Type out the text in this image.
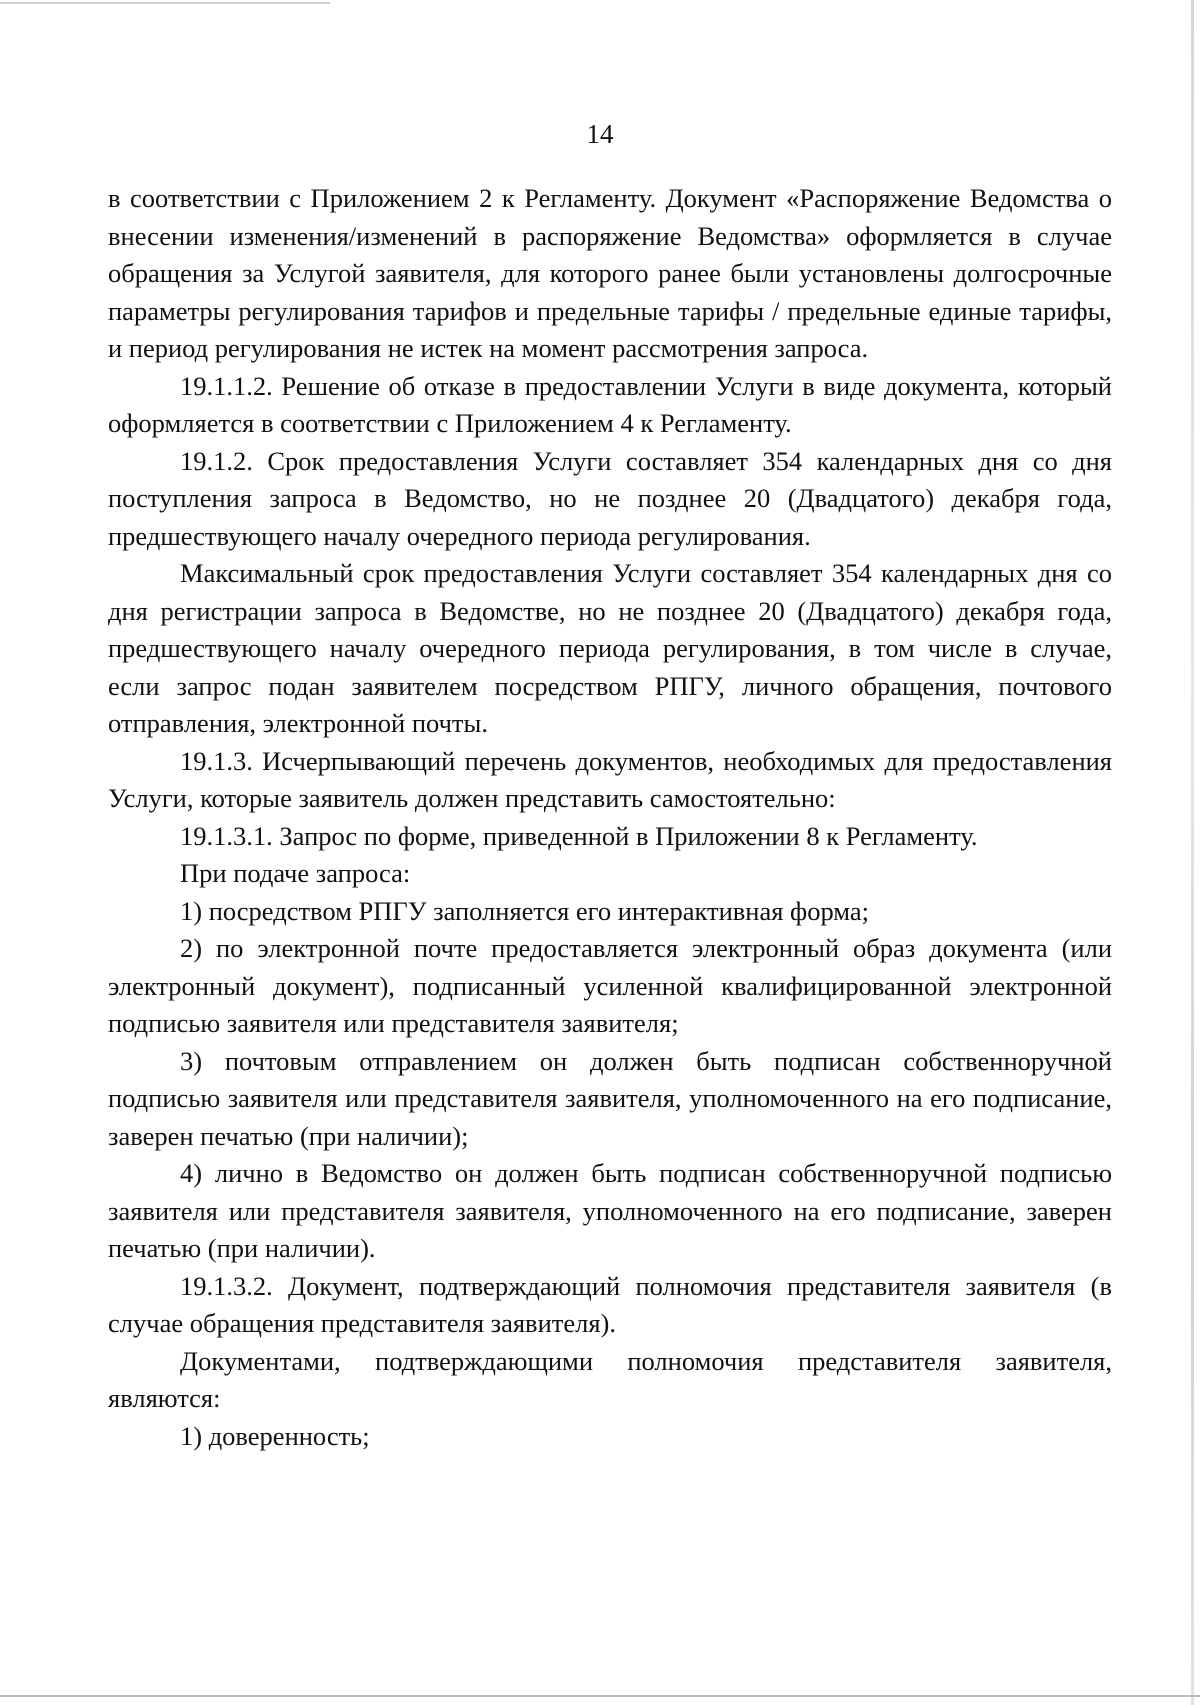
14

в соответствии с Приложением 2 к Регламенту. Документ «Распоряжение Ведомства о внесении изменения/изменений в распоряжение Ведомства» оформляется в случае обращения за Услугой заявителя, для которого ранее были установлены долгосрочные параметры регулирования тарифов и предельные тарифы / предельные единые тарифы, и период регулирования не истек на момент рассмотрения запроса.

19.1.1.2. Решение об отказе в предоставлении Услуги в виде документа, который оформляется в соответствии с Приложением 4 к Регламенту.

19.1.2. Срок предоставления Услуги составляет 354 календарных дня со дня поступления запроса в Ведомство, но не позднее 20 (Двадцатого) декабря года, предшествующего началу очередного периода регулирования.

Максимальный срок предоставления Услуги составляет 354 календарных дня со дня регистрации запроса в Ведомстве, но не позднее 20 (Двадцатого) декабря года, предшествующего началу очередного периода регулирования, в том числе в случае, если запрос подан заявителем посредством РПГУ, личного обращения, почтового отправления, электронной почты.

19.1.3. Исчерпывающий перечень документов, необходимых для предоставления Услуги, которые заявитель должен представить самостоятельно:

19.1.3.1. Запрос по форме, приведенной в Приложении 8 к Регламенту.

При подаче запроса:

1) посредством РПГУ заполняется его интерактивная форма;

2) по электронной почте предоставляется электронный образ документа (или электронный документ), подписанный усиленной квалифицированной электронной подписью заявителя или представителя заявителя;

3) почтовым отправлением он должен быть подписан собственноручной подписью заявителя или представителя заявителя, уполномоченного на его подписание, заверен печатью (при наличии);

4) лично в Ведомство он должен быть подписан собственноручной подписью заявителя или представителя заявителя, уполномоченного на его подписание, заверен печатью (при наличии).

19.1.3.2. Документ, подтверждающий полномочия представителя заявителя (в случае обращения представителя заявителя).

Документами, подтверждающими полномочия представителя заявителя, являются:

1) доверенность;
